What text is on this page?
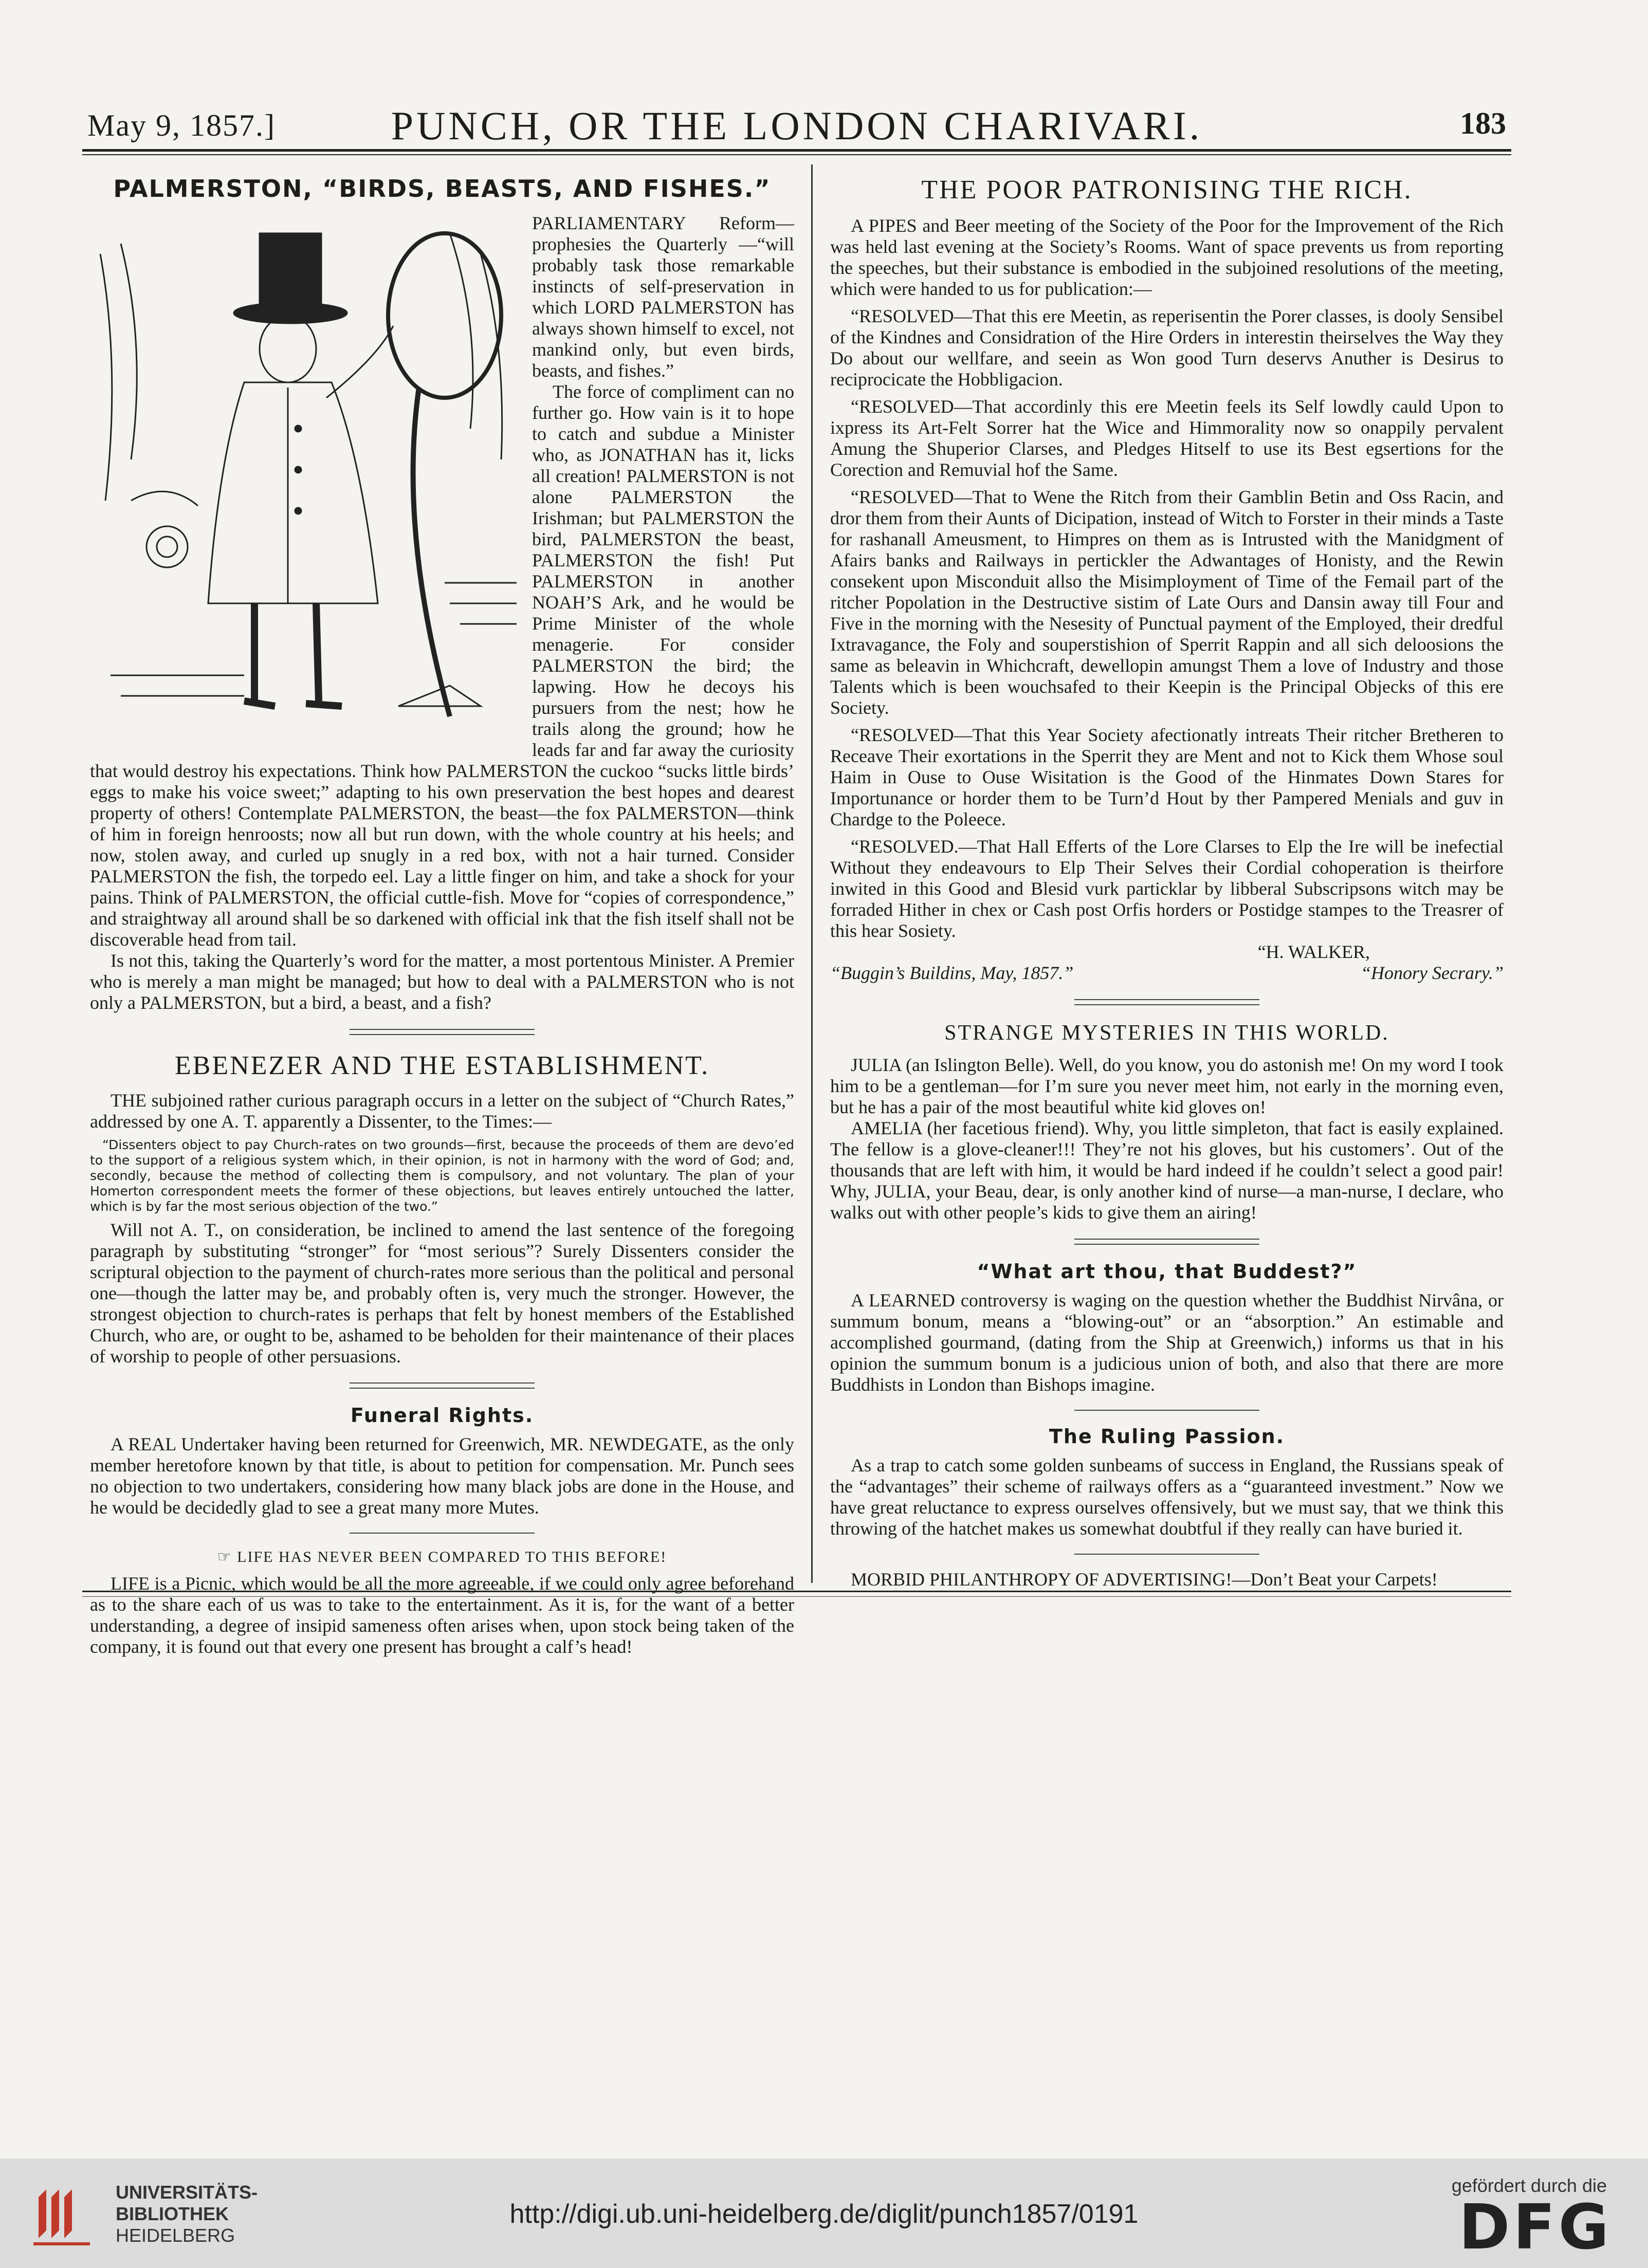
May 9, 1857.]	PUNCH, OR THE LONDON CHARIVARI.	183
PALMERSTON, “BIRDS, BEASTS, AND FISHES.”

PARLIAMENTARY Reform—prophesies the Quarterly —“will probably task those remarkable instincts of self-preservation in which LORD PALMERSTON has always shown himself to excel, not mankind only, but even birds, beasts, and fishes.”

The force of compliment can no further go. How vain is it to hope to catch and subdue a Minister who, as JONATHAN has it, licks all creation! PALMERSTON is not alone PALMERSTON the Irishman; but PALMERSTON the bird, PALMERSTON the beast, PALMERSTON the fish! Put PALMERSTON in another NOAH’S Ark, and he would be Prime Minister of the whole menagerie. For consider PALMERSTON the bird; the lapwing. How he decoys his pursuers from the nest; how he trails along the ground; how he leads far and far away the curiosity that would destroy his expectations. Think how PALMERSTON the cuckoo “sucks little birds’ eggs to make his voice sweet;” adapting to his own preservation the best hopes and dearest property of others! Contemplate PALMERSTON, the beast—the fox PALMERSTON—think of him in foreign henroosts; now all but run down, with the whole country at his heels; and now, stolen away, and curled up snugly in a red box, with not a hair turned. Consider PALMERSTON the fish, the torpedo eel. Lay a little finger on him, and take a shock for your pains. Think of PALMERSTON, the official cuttle-fish. Move for “copies of correspondence,” and straightway all around shall be so darkened with official ink that the fish itself shall not be discoverable head from tail.

Is not this, taking the Quarterly’s word for the matter, a most portentous Minister. A Premier who is merely a man might be managed; but how to deal with a PALMERSTON who is not only a PALMERSTON, but a bird, a beast, and a fish?

EBENEZER AND THE ESTABLISHMENT.

THE subjoined rather curious paragraph occurs in a letter on the subject of “Church Rates,” addressed by one A. T. apparently a Dissenter, to the Times:—

“Dissenters object to pay Church-rates on two grounds—first, because the proceeds of them are devo’ed to the support of a religious system which, in their opinion, is not in harmony with the word of God; and, secondly, because the method of collecting them is compulsory, and not voluntary. The plan of your Homerton correspondent meets the former of these objections, but leaves entirely untouched the latter, which is by far the most serious objection of the two.”

Will not A. T., on consideration, be inclined to amend the last sentence of the foregoing paragraph by substituting “stronger” for “most serious”? Surely Dissenters consider the scriptural objection to the payment of church-rates more serious than the political and personal one—though the latter may be, and probably often is, very much the stronger. However, the strongest objection to church-rates is perhaps that felt by honest members of the Established Church, who are, or ought to be, ashamed to be beholden for their maintenance of their places of worship to people of other persuasions.

Funeral Rights.

A REAL Undertaker having been returned for Greenwich, MR. NEWDEGATE, as the only member heretofore known by that title, is about to petition for compensation. Mr. Punch sees no objection to two undertakers, considering how many black jobs are done in the House, and he would be decidedly glad to see a great many more Mutes.

☞ LIFE HAS NEVER BEEN COMPARED TO THIS BEFORE!

LIFE is a Picnic, which would be all the more agreeable, if we could only agree beforehand as to the share each of us was to take to the entertainment. As it is, for the want of a better understanding, a degree of insipid sameness often arises when, upon stock being taken of the company, it is found out that every one present has brought a calf’s head!

THE POOR PATRONISING THE RICH.

A PIPES and Beer meeting of the Society of the Poor for the Improvement of the Rich was held last evening at the Society’s Rooms. Want of space prevents us from reporting the speeches, but their substance is embodied in the subjoined resolutions of the meeting, which were handed to us for publication:—

“RESOLVED—That this ere Meetin, as reperisentin the Porer classes, is dooly Sensibel of the Kindnes and Considration of the Hire Orders in interestin theirselves the Way they Do about our wellfare, and seein as Won good Turn deservs Anuther is Desirus to reciprocicate the Hobbligacion.

“RESOLVED—That accordinly this ere Meetin feels its Self lowdly cauld Upon to ixpress its Art-Felt Sorrer hat the Wice and Himmorality now so onappily pervalent Amung the Shuperior Clarses, and Pledges Hitself to use its Best egsertions for the Corection and Remuvial hof the Same.

“RESOLVED—That to Wene the Ritch from their Gamblin Betin and Oss Racin, and dror them from their Aunts of Dicipation, instead of Witch to Forster in their minds a Taste for rashanall Ameusment, to Himpres on them as is Intrusted with the Manidgment of Afairs banks and Railways in pertickler the Adwantages of Honisty, and the Rewin consekent upon Misconduit allso the Misimployment of Time of the Femail part of the ritcher Popolation in the Destructive sistim of Late Ours and Dansin away till Four and Five in the morning with the Nesesity of Punctual payment of the Employed, their dredful Ixtravagance, the Foly and souperstishion of Sperrit Rappin and all sich deloosions the same as beleavin in Whichcraft, dewellopin amungst Them a love of Industry and those Talents which is been wouchsafed to their Keepin is the Principal Objecks of this ere Society.

“RESOLVED—That this Year Society afectionatly intreats Their ritcher Bretheren to Receave Their exortations in the Sperrit they are Ment and not to Kick them Whose soul Haim in Ouse to Ouse Wisitation is the Good of the Hinmates Down Stares for Importunance or horder them to be Turn’d Hout by ther Pampered Menials and guv in Chardge to the Poleece.

“RESOLVED.—That Hall Efferts of the Lore Clarses to Elp the Ire will be inefectial Without they endeavours to Elp Their Selves their Cordial cohoperation is theirfore inwited in this Good and Blesid vurk particklar by libberal Subscripsons witch may be forraded Hither in chex or Cash post Orfis horders or Postidge stampes to the Treasrer of this hear Sosiety.

“H. WALKER,
“Buggin’s Buildins, May, 1857.”	“Honory Secrary.”
STRANGE MYSTERIES IN THIS WORLD.

JULIA (an Islington Belle). Well, do you know, you do astonish me! On my word I took him to be a gentleman—for I’m sure you never meet him, not early in the morning even, but he has a pair of the most beautiful white kid gloves on!

AMELIA (her facetious friend). Why, you little simpleton, that fact is easily explained. The fellow is a glove-cleaner!!! They’re not his gloves, but his customers’. Out of the thousands that are left with him, it would be hard indeed if he couldn’t select a good pair! Why, JULIA, your Beau, dear, is only another kind of nurse—a man-nurse, I declare, who walks out with other people’s kids to give them an airing!

“What art thou, that Buddest?”

A LEARNED controversy is waging on the question whether the Buddhist Nirvâna, or summum bonum, means a “blowing-out” or an “absorption.” An estimable and accomplished gourmand, (dating from the Ship at Greenwich,) informs us that in his opinion the summum bonum is a judicious union of both, and also that there are more Buddhists in London than Bishops imagine.

The Ruling Passion.

As a trap to catch some golden sunbeams of success in England, the Russians speak of the “advantages” their scheme of railways offers as a “guaranteed investment.” Now we have great reluctance to express ourselves offensively, but we must say, that we think this throwing of the hatchet makes us somewhat doubtful if they really can have buried it.

MORBID PHILANTHROPY OF ADVERTISING!—Don’t Beat your Carpets!

UNIVERSITÄTS-
BIBLIOTHEK
HEIDELBERG
http://digi.ub.uni-heidelberg.de/diglit/punch1857/0191
gefördert durch die
DFG
